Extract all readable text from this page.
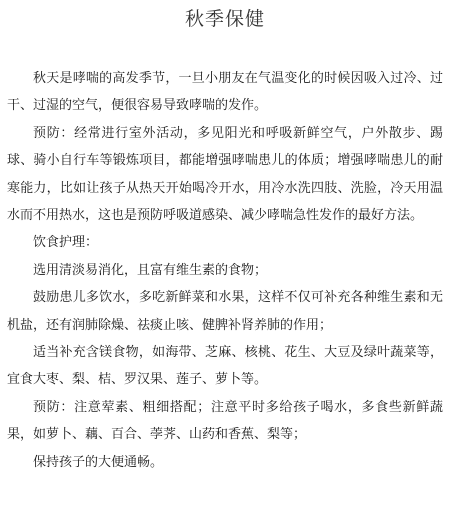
秋季保健

秋天是哮喘的高发季节，一旦小朋友在气温变化的时候因吸入过冷、过干、过湿的空气，便很容易导致哮喘的发作。

预防：经常进行室外活动，多见阳光和呼吸新鲜空气，户外散步、踢球、骑小自行车等锻炼项目，都能增强哮喘患儿的体质；增强哮喘患儿的耐寒能力，比如让孩子从热天开始喝冷开水，用冷水洗四肢、洗脸，冷天用温水而不用热水，这也是预防呼吸道感染、减少哮喘急性发作的最好方法。

饮食护理：

选用清淡易消化，且富有维生素的食物；

鼓励患儿多饮水，多吃新鲜菜和水果，这样不仅可补充各种维生素和无机盐，还有润肺除燥、祛痰止咳、健脾补肾养肺的作用；

适当补充含镁食物，如海带、芝麻、核桃、花生、大豆及绿叶蔬菜等，宜食大枣、梨、桔、罗汉果、莲子、萝卜等。

预防：注意荤素、粗细搭配；注意平时多给孩子喝水，多食些新鲜蔬果，如萝卜、藕、百合、荸荠、山药和香蕉、梨等；

保持孩子的大便通畅。
